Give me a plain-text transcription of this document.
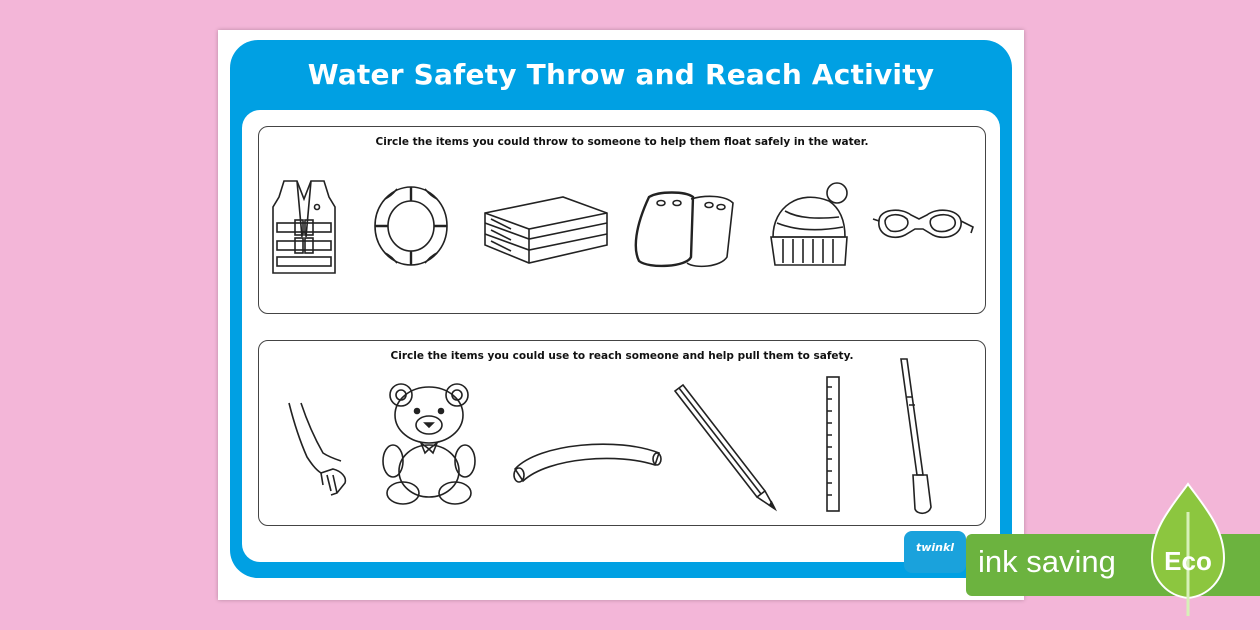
Water Safety Throw and Reach Activity
Circle the items you could throw to someone to help them float safely in the water.
Circle the items you could use to reach someone and help pull them to safety.
twinkl ink saving Eco
